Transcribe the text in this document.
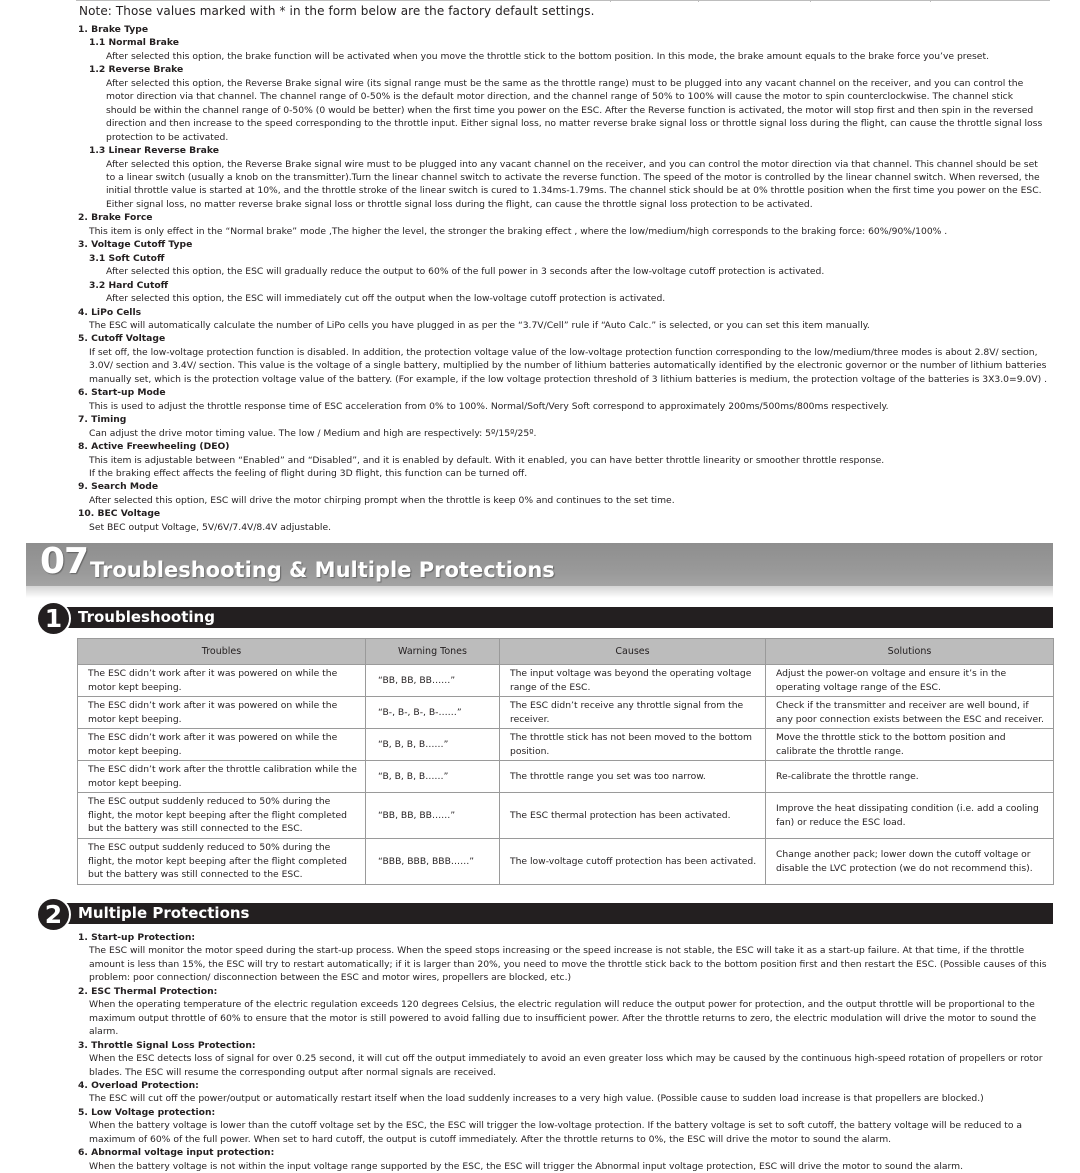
Note: Those values marked with * in the form below are the factory default settings.
1. Brake Type
1.1 Normal Brake
After selected this option, the brake function will be activated when you move the throttle stick to the bottom position. In this mode, the brake amount equals to the brake force you’ve preset.
1.2 Reverse Brake
After selected this option, the Reverse Brake signal wire (its signal range must be the same as the throttle range) must to be plugged into any vacant channel on the receiver, and you can control the motor direction via that channel. The channel range of 0-50% is the default motor direction, and the channel range of 50% to 100% will cause the motor to spin counterclockwise. The channel stick should be within the channel range of 0-50% (0 would be better) when the first time you power on the ESC. After the Reverse function is activated, the motor will stop first and then spin in the reversed direction and then increase to the speed corresponding to the throttle input. Either signal loss, no matter reverse brake signal loss or throttle signal loss during the flight, can cause the throttle signal loss protection to be activated.
1.3 Linear Reverse Brake
After selected this option, the Reverse Brake signal wire must to be plugged into any vacant channel on the receiver, and you can control the motor direction via that channel. This channel should be set to a linear switch (usually a knob on the transmitter).Turn the linear channel switch to activate the reverse function. The speed of the motor is controlled by the linear channel switch. When reversed, the initial throttle value is started at 10%, and the throttle stroke of the linear switch is cured to 1.34ms-1.79ms. The channel stick should be at 0% throttle position when the first time you power on the ESC. Either signal loss, no matter reverse brake signal loss or throttle signal loss during the flight, can cause the throttle signal loss protection to be activated.
2. Brake Force
This item is only effect in the “Normal brake” mode ,The higher the level, the stronger the braking effect , where the low/medium/high corresponds to the braking force: 60%/90%/100% .
3. Voltage Cutoff Type
3.1 Soft Cutoff
After selected this option, the ESC will gradually reduce the output to 60% of the full power in 3 seconds after the low-voltage cutoff protection is activated.
3.2 Hard Cutoff
After selected this option, the ESC will immediately cut off the output when the low-voltage cutoff protection is activated.
4. LiPo Cells
The ESC will automatically calculate the number of LiPo cells you have plugged in as per the “3.7V/Cell” rule if “Auto Calc.” is selected, or you can set this item manually.
5. Cutoff Voltage
If set off, the low-voltage protection function is disabled. In addition, the protection voltage value of the low-voltage protection function corresponding to the low/medium/three modes is about 2.8V/ section, 3.0V/ section and 3.4V/ section. This value is the voltage of a single battery, multiplied by the number of lithium batteries automatically identified by the electronic governor or the number of lithium batteries manually set, which is the protection voltage value of the battery. (For example, if the low voltage protection threshold of 3 lithium batteries is medium, the protection voltage of the batteries is 3X3.0=9.0V) .
6. Start-up Mode
This is used to adjust the throttle response time of ESC acceleration from 0% to 100%. Normal/Soft/Very Soft correspond to approximately 200ms/500ms/800ms respectively.
7. Timing
Can adjust the drive motor timing value. The low / Medium and high are respectively: 5º/15º/25º.
8. Active Freewheeling (DEO)
This item is adjustable between “Enabled” and “Disabled”, and it is enabled by default. With it enabled, you can have better throttle linearity or smoother throttle response.
If the braking effect affects the feeling of flight during 3D flight, this function can be turned off.
9. Search Mode
After selected this option, ESC will drive the motor chirping prompt when the throttle is keep 0% and continues to the set time.
10. BEC Voltage
Set BEC output Voltage, 5V/6V/7.4V/8.4V adjustable.
07 Troubleshooting & Multiple Protections
1	Troubleshooting
Troubles	Warning Tones	Causes	Solutions
The ESC didn’t work after it was powered on while the motor kept beeping.	“BB, BB, BB……”	The input voltage was beyond the operating voltage range of the ESC.	Adjust the power-on voltage and ensure it’s in the operating voltage range of the ESC.
The ESC didn’t work after it was powered on while the motor kept beeping.	“B-, B-, B-, B-……”	The ESC didn’t receive any throttle signal from the receiver.	Check if the transmitter and receiver are well bound, if any poor connection exists between the ESC and receiver.
The ESC didn’t work after it was powered on while the motor kept beeping.	“B, B, B, B……”	The throttle stick has not been moved to the bottom position.	Move the throttle stick to the bottom position and calibrate the throttle range.
The ESC didn’t work after the throttle calibration while the motor kept beeping.	“B, B, B, B……”	The throttle range you set was too narrow.	Re-calibrate the throttle range.
The ESC output suddenly reduced to 50% during the flight, the motor kept beeping after the flight completed but the battery was still connected to the ESC.	“BB, BB, BB……”	The ESC thermal protection has been activated.	Improve the heat dissipating condition (i.e. add a cooling fan) or reduce the ESC load.
The ESC output suddenly reduced to 50% during the flight, the motor kept beeping after the flight completed but the battery was still connected to the ESC.	“BBB, BBB, BBB……”	The low-voltage cutoff protection has been activated.	Change another pack; lower down the cutoff voltage or disable the LVC protection (we do not recommend this).
2	Multiple Protections
1. Start-up Protection:
The ESC will monitor the motor speed during the start-up process. When the speed stops increasing or the speed increase is not stable, the ESC will take it as a start-up failure. At that time, if the throttle amount is less than 15%, the ESC will try to restart automatically; if it is larger than 20%, you need to move the throttle stick back to the bottom position first and then restart the ESC. (Possible causes of this problem: poor connection/ disconnection between the ESC and motor wires, propellers are blocked, etc.)
2. ESC Thermal Protection:
When the operating temperature of the electric regulation exceeds 120 degrees Celsius, the electric regulation will reduce the output power for protection, and the output throttle will be proportional to the maximum output throttle of 60% to ensure that the motor is still powered to avoid falling due to insufficient power. After the throttle returns to zero, the electric modulation will drive the motor to sound the alarm.
3. Throttle Signal Loss Protection:
When the ESC detects loss of signal for over 0.25 second, it will cut off the output immediately to avoid an even greater loss which may be caused by the continuous high-speed rotation of propellers or rotor blades. The ESC will resume the corresponding output after normal signals are received.
4. Overload Protection:
The ESC will cut off the power/output or automatically restart itself when the load suddenly increases to a very high value. (Possible cause to sudden load increase is that propellers are blocked.)
5. Low Voltage protection:
When the battery voltage is lower than the cutoff voltage set by the ESC, the ESC will trigger the low-voltage protection. If the battery voltage is set to soft cutoff, the battery voltage will be reduced to a maximum of 60% of the full power. When set to hard cutoff, the output is cutoff immediately. After the throttle returns to 0%, the ESC will drive the motor to sound the alarm.
6. Abnormal voltage input protection:
When the battery voltage is not within the input voltage range supported by the ESC, the ESC will trigger the Abnormal input voltage protection, ESC will drive the motor to sound the alarm.
